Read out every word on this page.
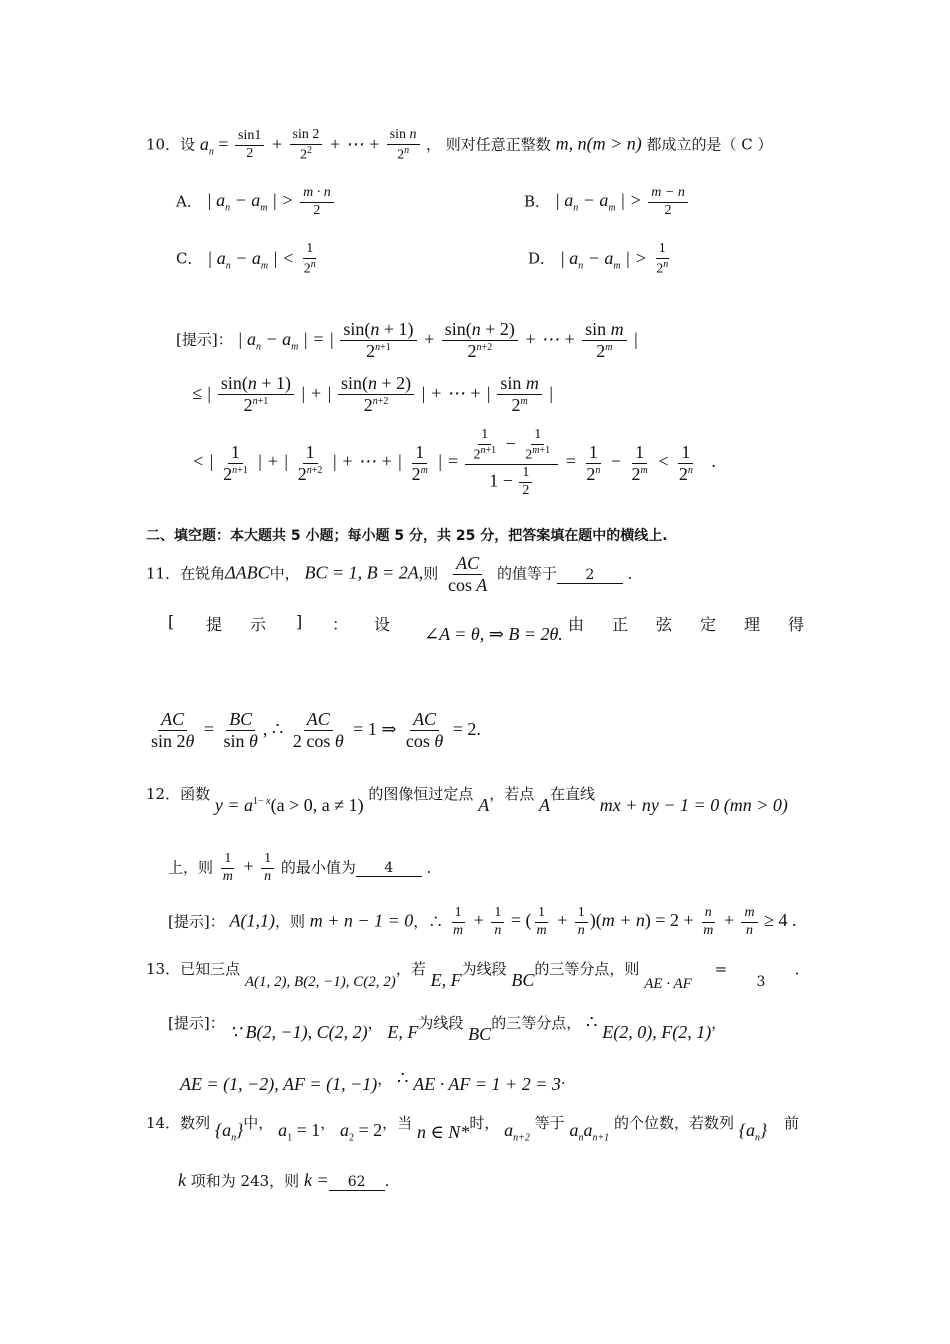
10．设 $a_n = \frac{\sin 1}{2} + \frac{\sin 2}{2^2}$ + ⋯ + $\frac{\text{sin n}}{2^n}$ ， 则对任意正整数 m, n(m > n) 都成立的是（ C ）
A． | $a_n - a_m$ | > $\frac{m \cdot n}{2}$	B． | $a_n - a_m$ | > $\frac{m - n}{2}$
C． | $a_n - a_m$ | < $\frac{1}{2^n}$	D． | $a_n - a_m$ | > $\frac{1}{2^n}$
[提示]： | $a_n - a_m$ | = | $\frac{\sin(n + 1)}{2^{n+1}} + \frac{\sin(n + 2)}{2^{n+2}}$ + ⋯ + $\frac{\text{sin m}}{2^m}$ |
≤ | $\frac{\sin(n + 1)}{2^{n+1}}$ | + | $\frac{\sin(n + 2)}{2^{n+2}}$ | + ⋯ + | $\frac{\text{sin m}}{2^m}$ |
< | $\frac{1}{2^{n+1}}$ | + | $\frac{1}{2^{n+2}}$ | + ⋯ + | $\frac{1}{2^m}$ | = $\frac{\frac{1}{2^{n+1}} - \frac{1}{2^{m+1}}}{1 - \frac{1}{2}} = \frac{1}{2^n} - \frac{1}{2^m} < \frac{1}{2^n}$ .
二、填空题：本大题共 5 小题；每小题 5 分，共 25 分，把答案填在题中的横线上.
11．在锐角ΔABC中， BC = 1, B = 2A,则 $\frac{AC}{\text{cos A}}$ 的值等于 2 ．
[ 提 示 ] ： 设 ∠A = θ, ⇒ B = 2θ. 由 正 弦 定 理 得
$\frac{AC}{\sin 2\theta} = \frac{BC}{\text{sin θ}}$ , ∴ $\frac{AC}{\text{2 cos θ}} = 1$ ⇒ $\frac{AC}{\text{cos θ}} = 2$.
12．函数 $y = a^{1- x}(a > 0$, a ≠ 1) 的图像恒过定点 A，若点 A在直线 mx + ny − 1 = 0 (mn > 0)
上，则 $\frac{1}{m} + \frac{1}{n}$ 的最小值为 4 ．
[提示]： A(1,1)，则 m + n − 1 = 0，∴ $\frac{1}{m} + \frac{1}{n}$ = ( $\frac{1}{m} + \frac{1}{n} )(m + n) = 2 + \frac{n}{m} + \frac{m}{n} \ge 4$ .
13．已知三点 A(1, 2), B(2, −1), C(2, 2)，若 E, F为线段 BC的三等分点，则 AE · AF = 3 ．
[提示]： ∵ B(2, −1), C(2, 2)， E, F为线段 BC的三等分点， ∴ E(2, 0), F(2, 1)，
AE = (1, −2), AF = (1, −1)， ∴ AE · AF = 1 + 2 = 3.
14．数列 $\{a_n\}$中， $a_1 = 1$， $a_2 = 2$，当 n ∈ N*时， $a_{n+2}$ 等于 $a_na_{n+1}$ 的个位数，若数列 $\{a_n\}$ 前
k 项和为 243，则 k = 62 .
